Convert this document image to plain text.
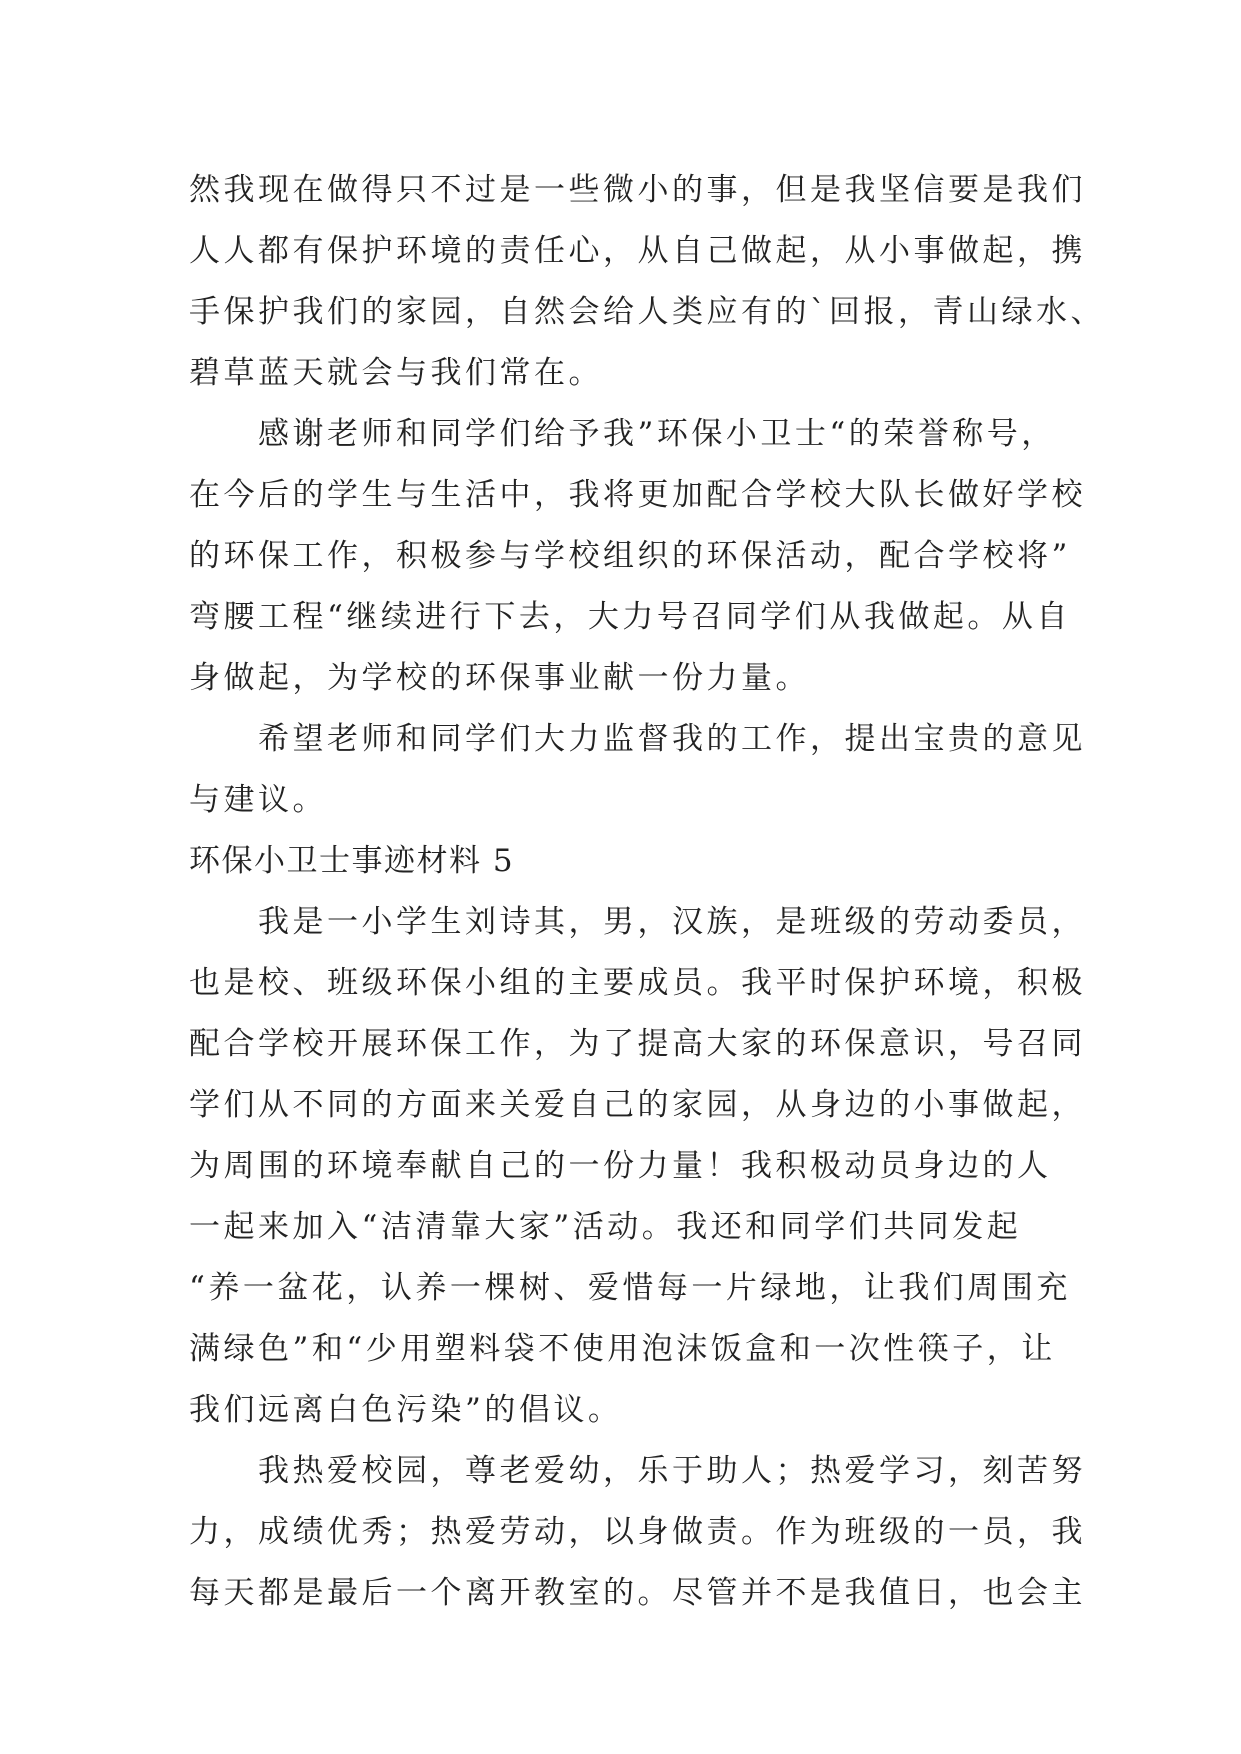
然我现在做得只不过是一些微小的事，但是我坚信要是我们
人人都有保护环境的责任心，从自己做起，从小事做起，携
手保护我们的家园，自然会给人类应有的`回报，青山绿水、
碧草蓝天就会与我们常在。
　　感谢老师和同学们给予我”环保小卫士“的荣誉称号，
在今后的学生与生活中，我将更加配合学校大队长做好学校
的环保工作，积极参与学校组织的环保活动，配合学校将”
弯腰工程“继续进行下去，大力号召同学们从我做起。从自
身做起，为学校的环保事业献一份力量。
　　希望老师和同学们大力监督我的工作，提出宝贵的意见
与建议。
环保小卫士事迹材料 5
　　我是一小学生刘诗其，男，汉族，是班级的劳动委员，
也是校、班级环保小组的主要成员。我平时保护环境，积极
配合学校开展环保工作，为了提高大家的环保意识，号召同
学们从不同的方面来关爱自己的家园，从身边的小事做起，
为周围的环境奉献自己的一份力量！我积极动员身边的人
一起来加入“洁清靠大家”活动。我还和同学们共同发起
“养一盆花，认养一棵树、爱惜每一片绿地，让我们周围充
满绿色”和“少用塑料袋不使用泡沫饭盒和一次性筷子，让
我们远离白色污染”的倡议。
　　我热爱校园，尊老爱幼，乐于助人；热爱学习，刻苦努
力，成绩优秀；热爱劳动，以身做责。作为班级的一员，我
每天都是最后一个离开教室的。尽管并不是我值日，也会主
